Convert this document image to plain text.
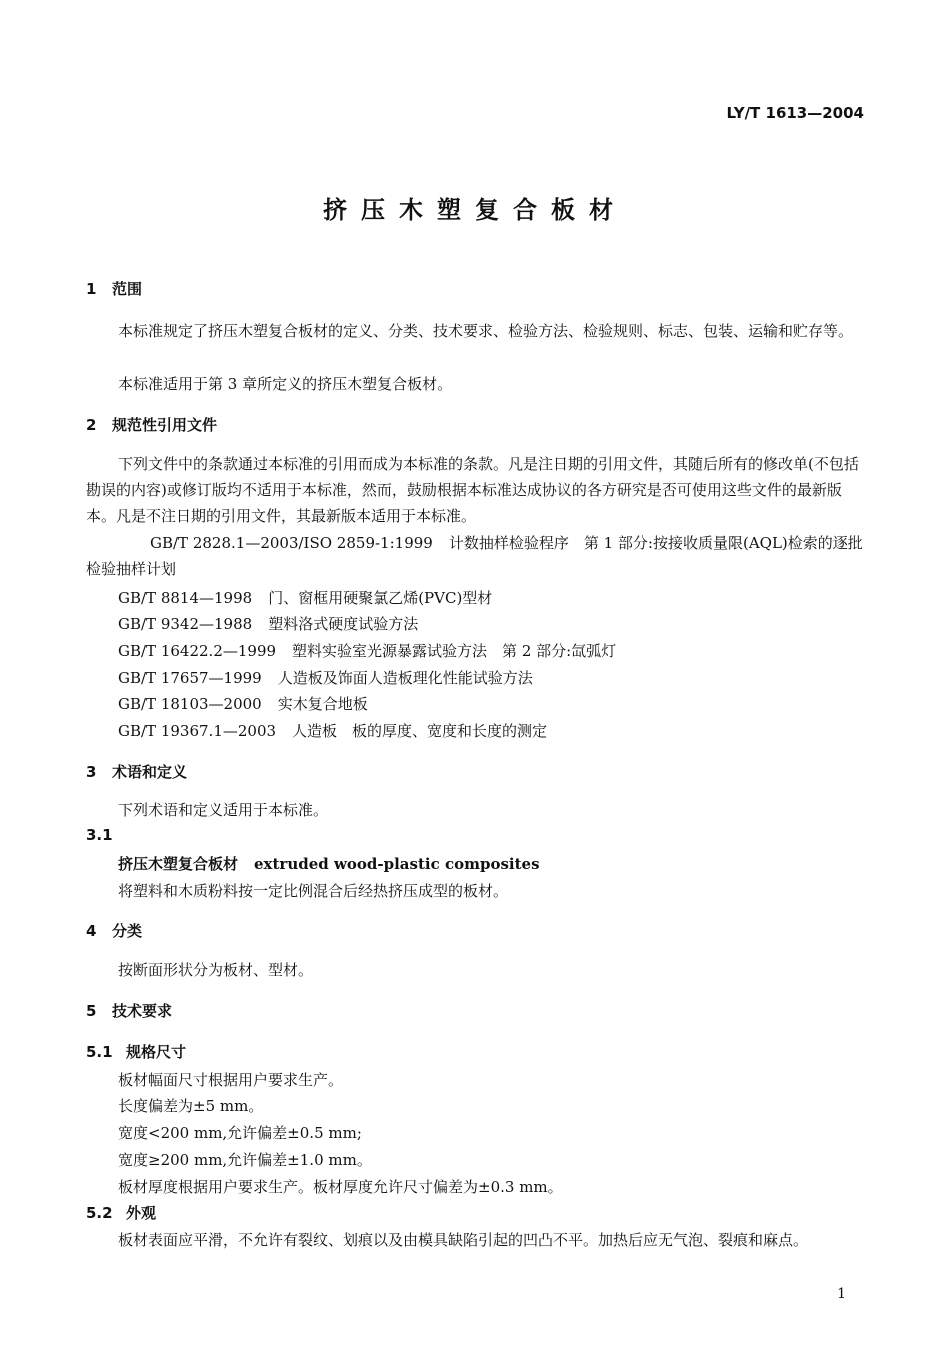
LY/T 1613—2004
挤压木塑复合板材
1 范围
本标准规定了挤压木塑复合板材的定义、分类、技术要求、检验方法、检验规则、标志、包装、运输和贮存等。
本标准适用于第 3 章所定义的挤压木塑复合板材。
2 规范性引用文件
下列文件中的条款通过本标准的引用而成为本标准的条款。凡是注日期的引用文件，其随后所有的修改单(不包括勘误的内容)或修订版均不适用于本标准，然而，鼓励根据本标准达成协议的各方研究是否可使用这些文件的最新版本。凡是不注日期的引用文件，其最新版本适用于本标准。
GB/T 2828.1—2003/ISO 2859-1:1999 计数抽样检验程序　第 1 部分:按接收质量限(AQL)检索的逐批检验抽样计划
GB/T 8814—1998 门、窗框用硬聚氯乙烯(PVC)型材
GB/T 9342—1988 塑料洛式硬度试验方法
GB/T 16422.2—1999 塑料实验室光源暴露试验方法　第 2 部分:氙弧灯
GB/T 17657—1999 人造板及饰面人造板理化性能试验方法
GB/T 18103—2000 实木复合地板
GB/T 19367.1—2003 人造板　板的厚度、宽度和长度的测定
3 术语和定义
下列术语和定义适用于本标准。
3.1
挤压木塑复合板材 extruded wood-plastic composites
将塑料和木质粉料按一定比例混合后经热挤压成型的板材。
4 分类
按断面形状分为板材、型材。
5 技术要求
5.1 规格尺寸
板材幅面尺寸根据用户要求生产。
长度偏差为±5 mm。
宽度<200 mm,允许偏差±0.5 mm;
宽度≥200 mm,允许偏差±1.0 mm。
板材厚度根据用户要求生产。板材厚度允许尺寸偏差为±0.3 mm。
5.2 外观
板材表面应平滑，不允许有裂纹、划痕以及由模具缺陷引起的凹凸不平。加热后应无气泡、裂痕和麻点。
1
